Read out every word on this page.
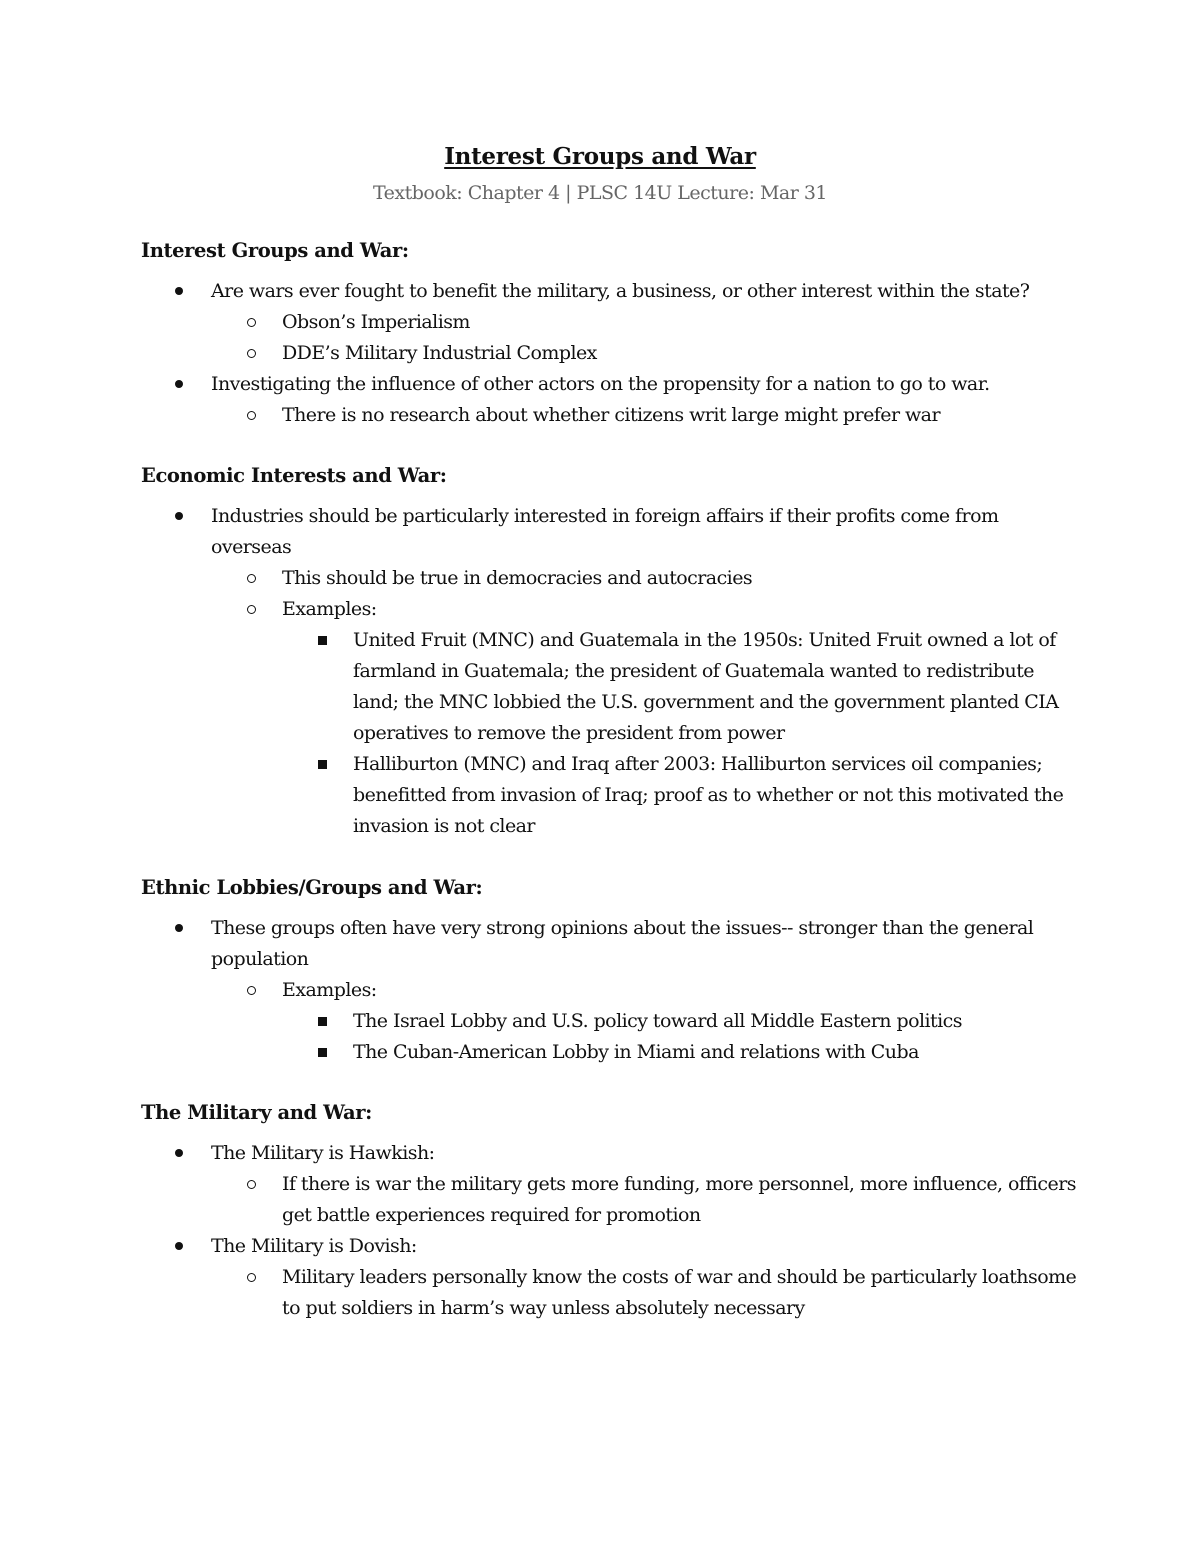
Interest Groups and War
Textbook: Chapter 4 | PLSC 14U Lecture: Mar 31

Interest Groups and War:

Are wars ever fought to benefit the military, a business, or other interest within the state?
Obson’s Imperialism
DDE’s Military Industrial Complex
Investigating the influence of other actors on the propensity for a nation to go to war.
There is no research about whether citizens writ large might prefer war

Economic Interests and War:

Industries should be particularly interested in foreign affairs if their profits come from overseas
This should be true in democracies and autocracies
Examples:
United Fruit (MNC) and Guatemala in the 1950s: United Fruit owned a lot of farmland in Guatemala; the president of Guatemala wanted to redistribute land; the MNC lobbied the U.S. government and the government planted CIA operatives to remove the president from power
Halliburton (MNC) and Iraq after 2003: Halliburton services oil companies; benefitted from invasion of Iraq; proof as to whether or not this motivated the invasion is not clear

Ethnic Lobbies/Groups and War:

These groups often have very strong opinions about the issues-- stronger than the general population
Examples:
The Israel Lobby and U.S. policy toward all Middle Eastern politics
The Cuban-American Lobby in Miami and relations with Cuba

The Military and War:

The Military is Hawkish:
If there is war the military gets more funding, more personnel, more influence, officers get battle experiences required for promotion
The Military is Dovish:
Military leaders personally know the costs of war and should be particularly loathsome to put soldiers in harm’s way unless absolutely necessary
